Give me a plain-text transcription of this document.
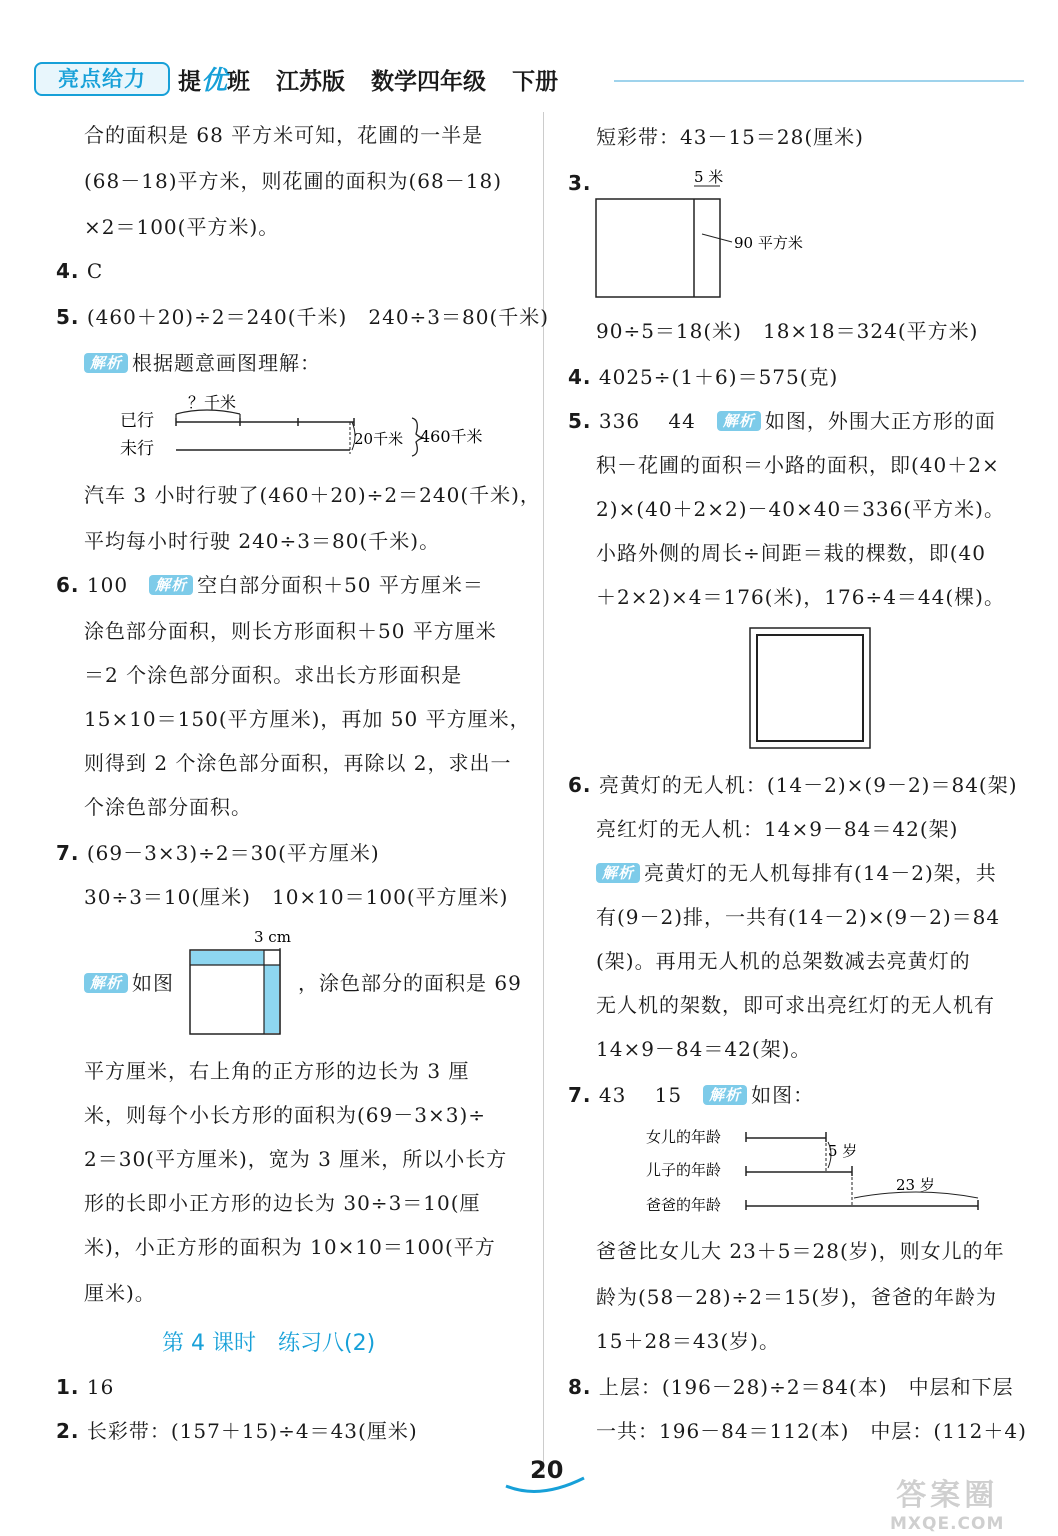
亮点给力	提优班 江苏版 数学四年级 下册
合的面积是 68 平方米可知，花圃的一半是
(68－18)平方米，则花圃的面积为(68－18)
×2＝100(平方米)。
4. C
5. (460＋20)÷2＝240(千米)　240÷3＝80(千米)
解析 根据题意画图理解：
？千米
已行
未行	20千米 460千米
汽车 3 小时行驶了(460＋20)÷2＝240(千米)，
平均每小时行驶 240÷3＝80(千米)。
6. 100　 解析 空白部分面积＋50 平方厘米＝
涂色部分面积，则长方形面积＋50 平方厘米
＝2 个涂色部分面积。求出长方形面积是
15×10＝150(平方厘米)，再加 50 平方厘米，
则得到 2 个涂色部分面积，再除以 2，求出一
个涂色部分面积。
7. (69－3×3)÷2＝30(平方厘米)
30÷3＝10(厘米)　10×10＝100(平方厘米)
解析 如图
3 cm
，涂色部分的面积是 69
平方厘米，右上角的正方形的边长为 3 厘
米，则每个小长方形的面积为(69－3×3)÷
2＝30(平方厘米)，宽为 3 厘米，所以小长方
形的长即小正方形的边长为 30÷3＝10(厘
米)，小正方形的面积为 10×10＝100(平方
厘米)。
第 4 课时 练习八(2)
1. 16
2. 长彩带：(157＋15)÷4＝43(厘米)
短彩带：43－15＝28(厘米)
3.	5 米
90 平方米
90÷5＝18(米)　18×18＝324(平方米)
4. 4025÷(1＋6)＝575(克)
5. 336　 44　 解析 如图，外围大正方形的面
积－花圃的面积＝小路的面积，即(40＋2×
2)×(40＋2×2)－40×40＝336(平方米)。
小路外侧的周长÷间距＝栽的棵数，即(40
＋2×2)×4＝176(米)，176÷4＝44(棵)。
6. 亮黄灯的无人机：(14－2)×(9－2)＝84(架)
亮红灯的无人机：14×9－84＝42(架)
解析 亮黄灯的无人机每排有(14－2)架，共
有(9－2)排，一共有(14－2)×(9－2)＝84
(架)。再用无人机的总架数减去亮黄灯的
无人机的架数，即可求出亮红灯的无人机有
14×9－84＝42(架)。
7. 43　 15　 解析 如图：
女儿的年龄
儿子的年龄
爸爸的年龄
5 岁
23 岁
爸爸比女儿大 23＋5＝28(岁)，则女儿的年
龄为(58－28)÷2＝15(岁)，爸爸的年龄为
15＋28＝43(岁)。
8. 上层：(196－28)÷2＝84(本)　中层和下层
一共：196－84＝112(本)　中层：(112＋4)
20
答案圈
MXQE.COM
